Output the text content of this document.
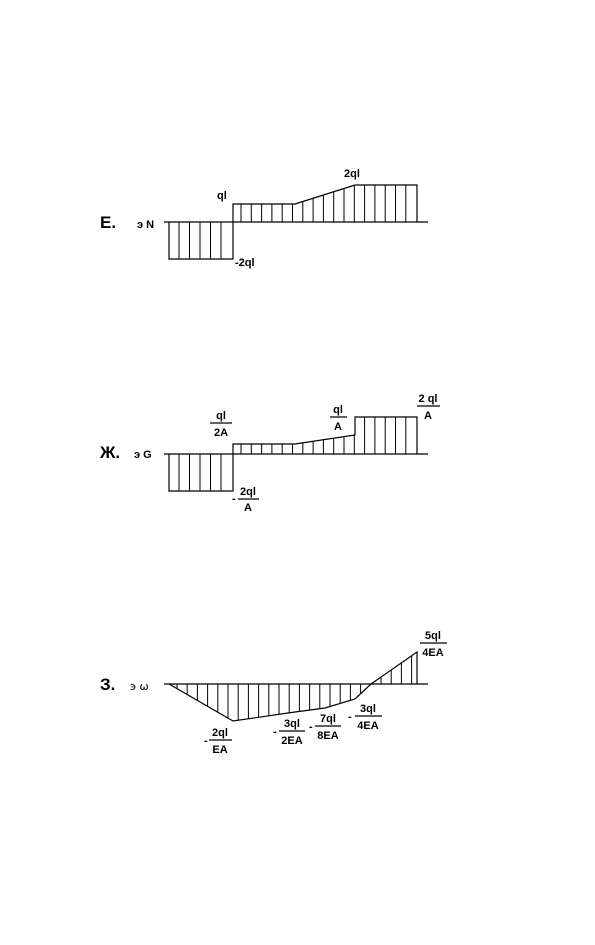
Е. э N
ql
2ql
-2ql
Ж. э G
ql
2A
ql
A
2 ql
A
-
2ql
A
З. э ω
5ql
4EA
-
2ql
EA
-
3ql
2EA
-
7ql
8EA
-
3ql
4EA
